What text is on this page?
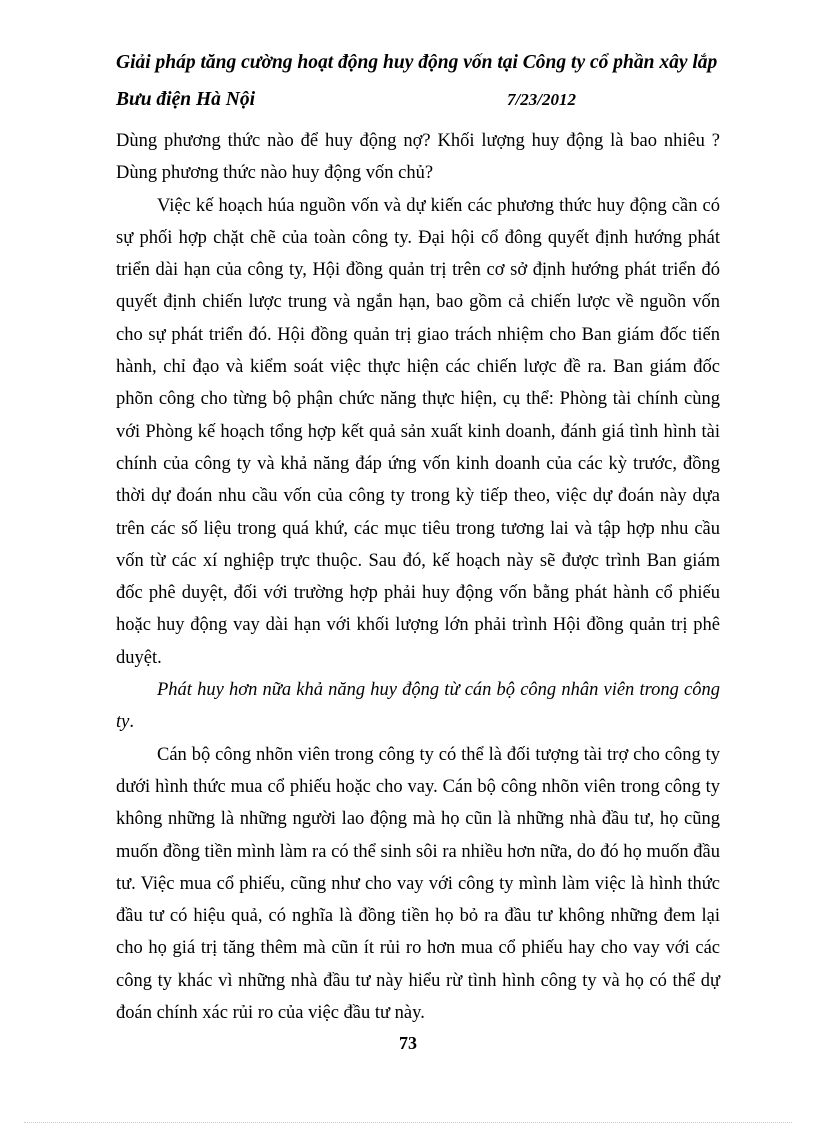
Giải pháp tăng cường hoạt động huy động vốn tại Công ty cổ phần xây lắp
Bưu điện Hà Nội	7/23/2012

Dùng phương thức nào để huy động nợ? Khối lượng huy động là bao nhiêu ? Dùng phương thức nào huy động vốn chủ?

Việc kế hoạch húa nguồn vốn và dự kiến các phương thức huy động cần có sự phối hợp chặt chẽ của toàn công ty. Đại hội cổ đông quyết định hướng phát triển dài hạn của công ty, Hội đồng quản trị trên cơ sở định hướng phát triển đó quyết định chiến lược trung và ngắn hạn, bao gồm cả chiến lược về nguồn vốn cho sự phát triển đó. Hội đồng quản trị giao trách nhiệm cho Ban giám đốc tiến hành, chỉ đạo và kiểm soát việc thực hiện các chiến lược đề ra. Ban giám đốc phõn công cho từng bộ phận chức năng thực hiện, cụ thể: Phòng tài chính cùng với Phòng kế hoạch tổng hợp kết quả sản xuất kinh doanh, đánh giá tình hình tài chính của công ty và khả năng đáp ứng vốn kinh doanh của các kỳ trước, đồng thời dự đoán nhu cầu vốn của công ty trong kỳ tiếp theo, việc dự đoán này dựa trên các số liệu trong quá khứ, các mục tiêu trong tương lai và tập hợp nhu cầu vốn từ các xí nghiệp trực thuộc. Sau đó, kế hoạch này sẽ được trình Ban giám đốc phê duyệt, đối với trường hợp phải huy động vốn bằng phát hành cổ phiếu hoặc huy động vay dài hạn với khối lượng lớn phải trình Hội đồng quản trị phê duyệt.

Phát huy hơn nữa khả năng huy động từ cán bộ công nhân viên trong công ty.

Cán bộ công nhõn viên trong công ty có thể là đối tượng tài trợ cho công ty dưới hình thức mua cổ phiếu hoặc cho vay. Cán bộ công nhõn viên trong công ty không những là những người lao động mà họ cũn là những nhà đầu tư, họ cũng muốn đồng tiền mình làm ra có thể sinh sôi ra nhiều hơn nữa, do đó họ muốn đầu tư. Việc mua cổ phiếu, cũng như cho vay với công ty mình làm việc là hình thức đầu tư có hiệu quả, có nghĩa là đồng tiền họ bỏ ra đầu tư không những đem lại cho họ giá trị tăng thêm mà cũn ít rủi ro hơn mua cổ phiếu hay cho vay với các công ty khác vì những nhà đầu tư này hiểu rừ tình hình công ty và họ có thể dự đoán chính xác rủi ro của việc đầu tư này.

73
